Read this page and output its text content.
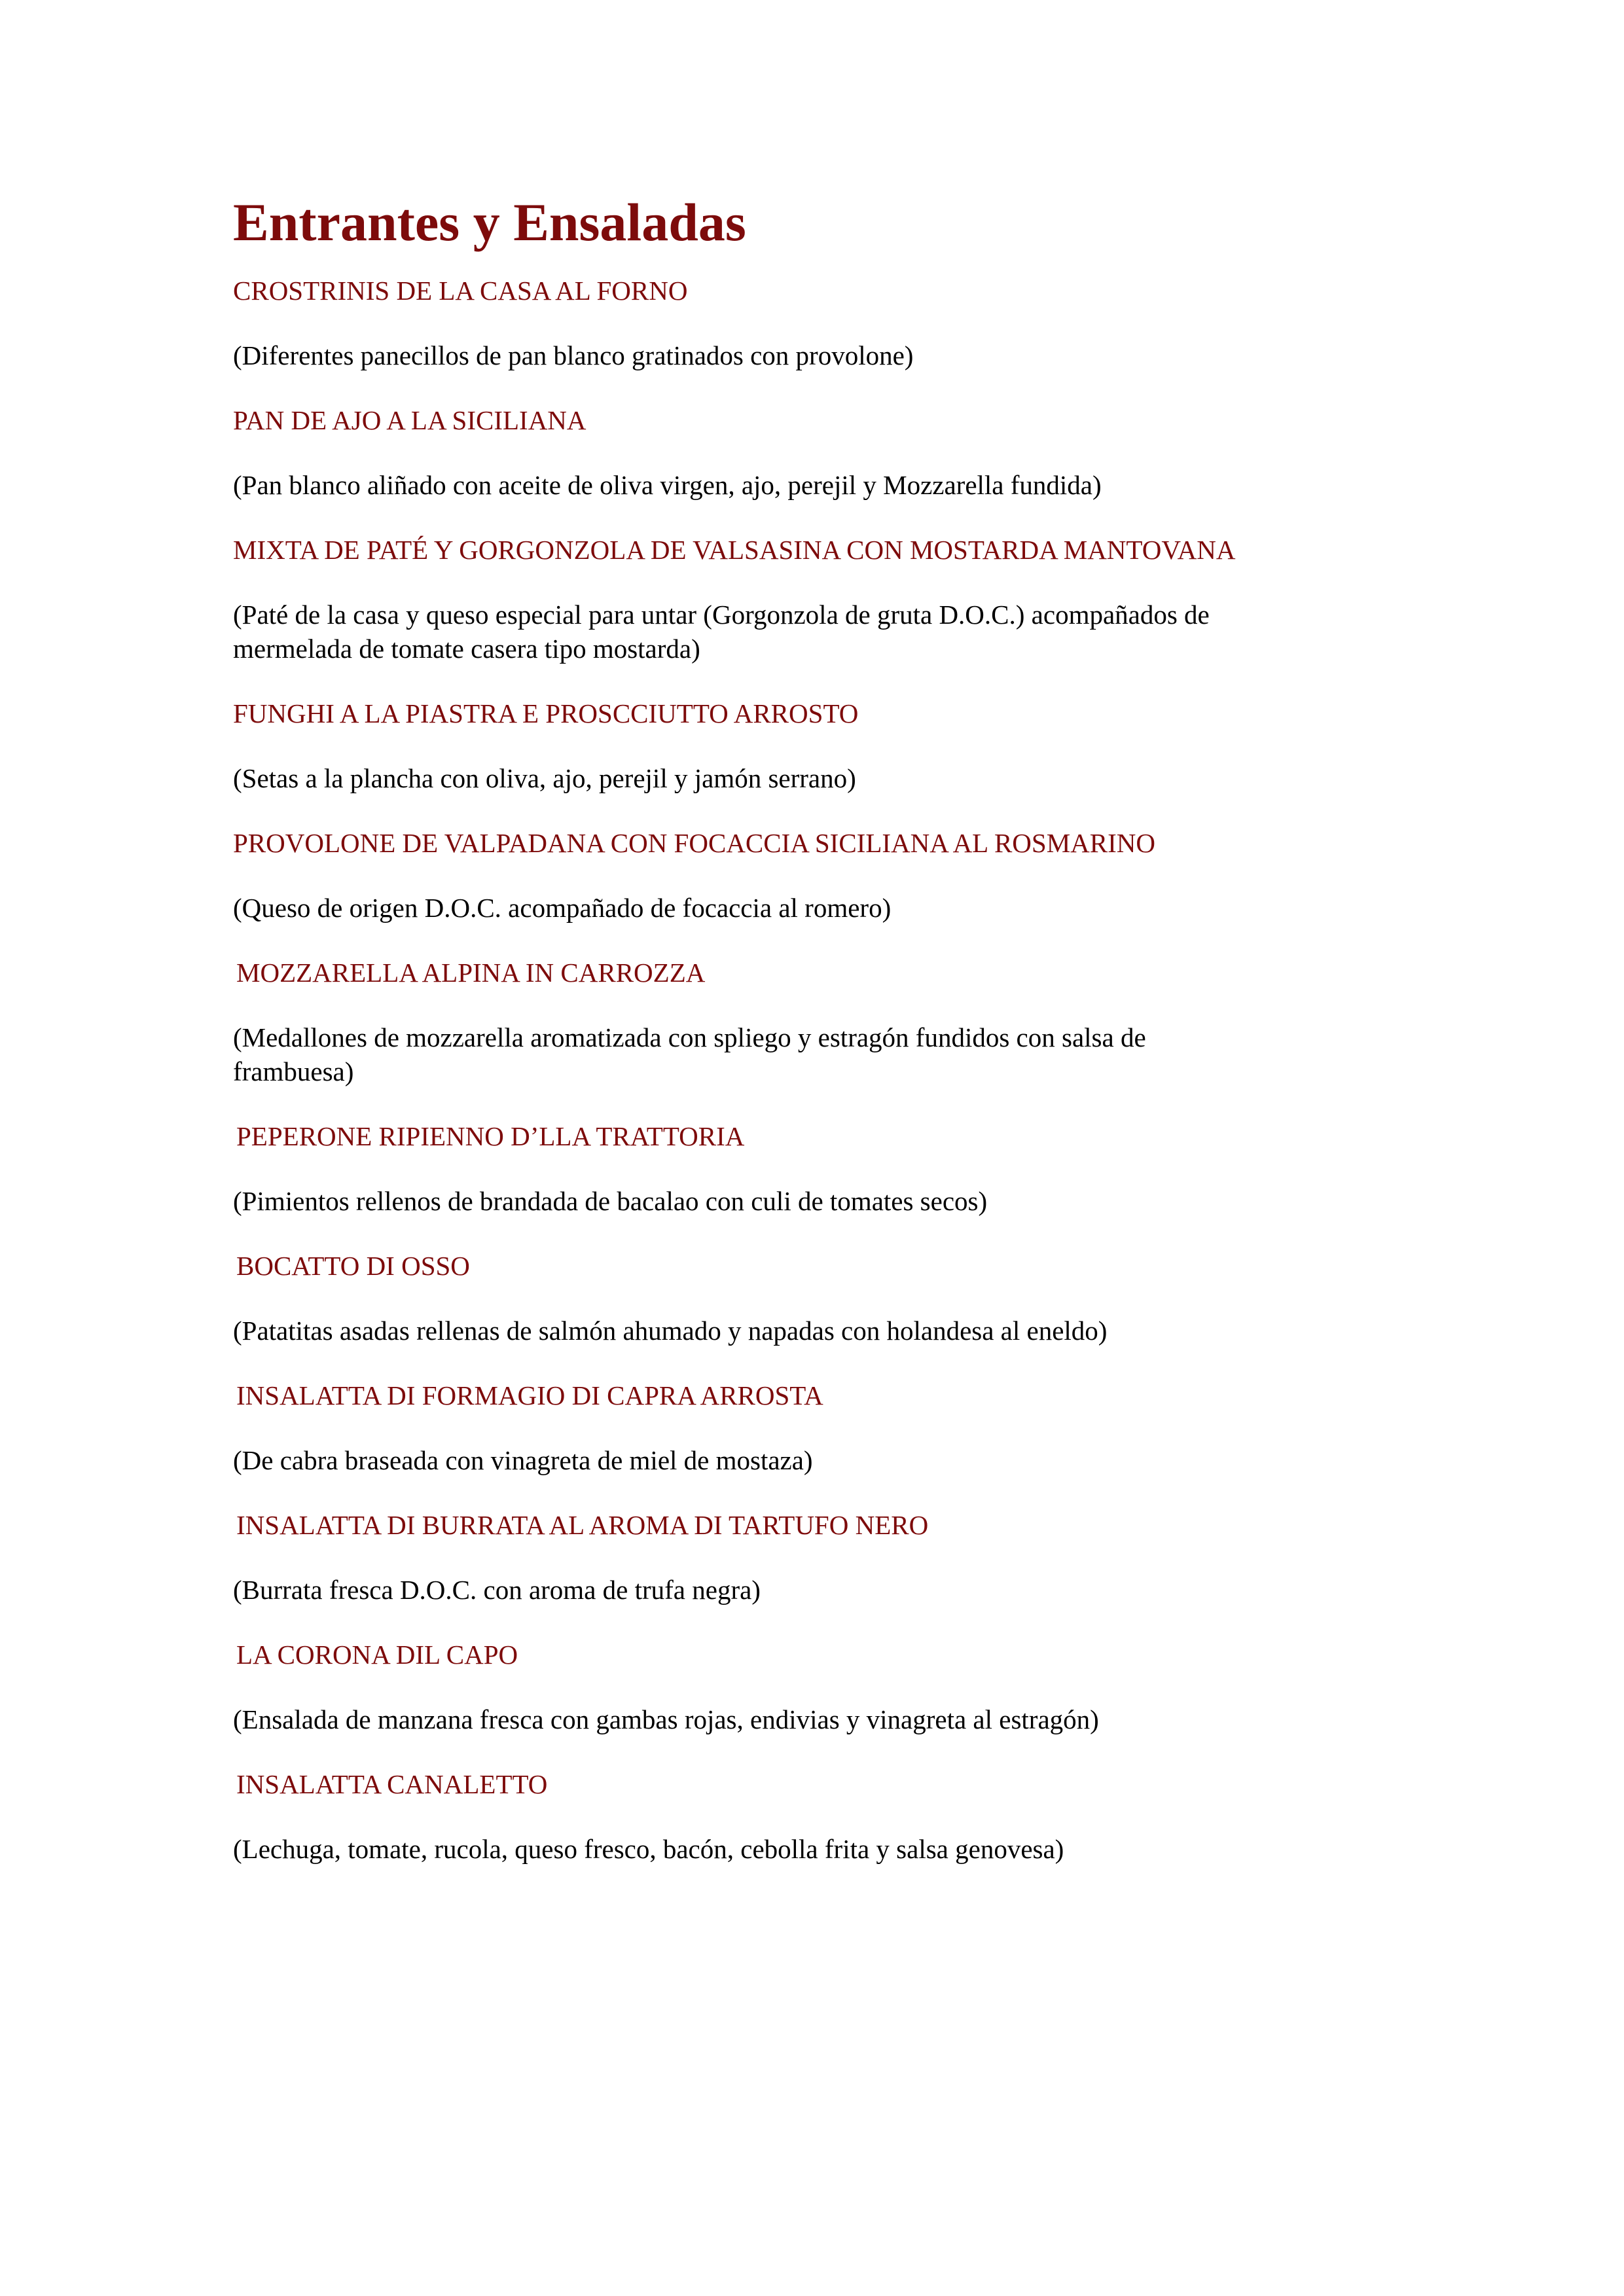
Entrantes y Ensaladas

CROSTRINIS DE LA CASA AL FORNO

(Diferentes panecillos de pan blanco gratinados con provolone)

PAN DE AJO A LA SICILIANA

(Pan blanco aliñado con aceite de oliva virgen, ajo, perejil y Mozzarella fundida)

MIXTA DE PATÉ Y GORGONZOLA DE VALSASINA CON MOSTARDA MANTOVANA

(Paté de la casa y queso especial para untar (Gorgonzola de gruta D.O.C.) acompañados de
mermelada de tomate casera tipo mostarda)

FUNGHI A LA PIASTRA E PROSCCIUTTO ARROSTO

(Setas a la plancha con oliva, ajo, perejil y jamón serrano)

PROVOLONE DE VALPADANA CON FOCACCIA SICILIANA AL ROSMARINO

(Queso de origen D.O.C. acompañado de focaccia al romero)

MOZZARELLA ALPINA IN CARROZZA

(Medallones de mozzarella aromatizada con spliego y estragón fundidos con salsa de
frambuesa)

PEPERONE RIPIENNO D’LLA TRATTORIA

(Pimientos rellenos de brandada de bacalao con culi de tomates secos)

BOCATTO DI OSSO

(Patatitas asadas rellenas de salmón ahumado y napadas con holandesa al eneldo)

INSALATTA DI FORMAGIO DI CAPRA ARROSTA

(De cabra braseada con vinagreta de miel de mostaza)

INSALATTA DI BURRATA AL AROMA DI TARTUFO NERO

(Burrata fresca D.O.C. con aroma de trufa negra)

LA CORONA DIL CAPO

(Ensalada de manzana fresca con gambas rojas, endivias y vinagreta al estragón)

INSALATTA CANALETTO

(Lechuga, tomate, rucola, queso fresco, bacón, cebolla frita y salsa genovesa)
